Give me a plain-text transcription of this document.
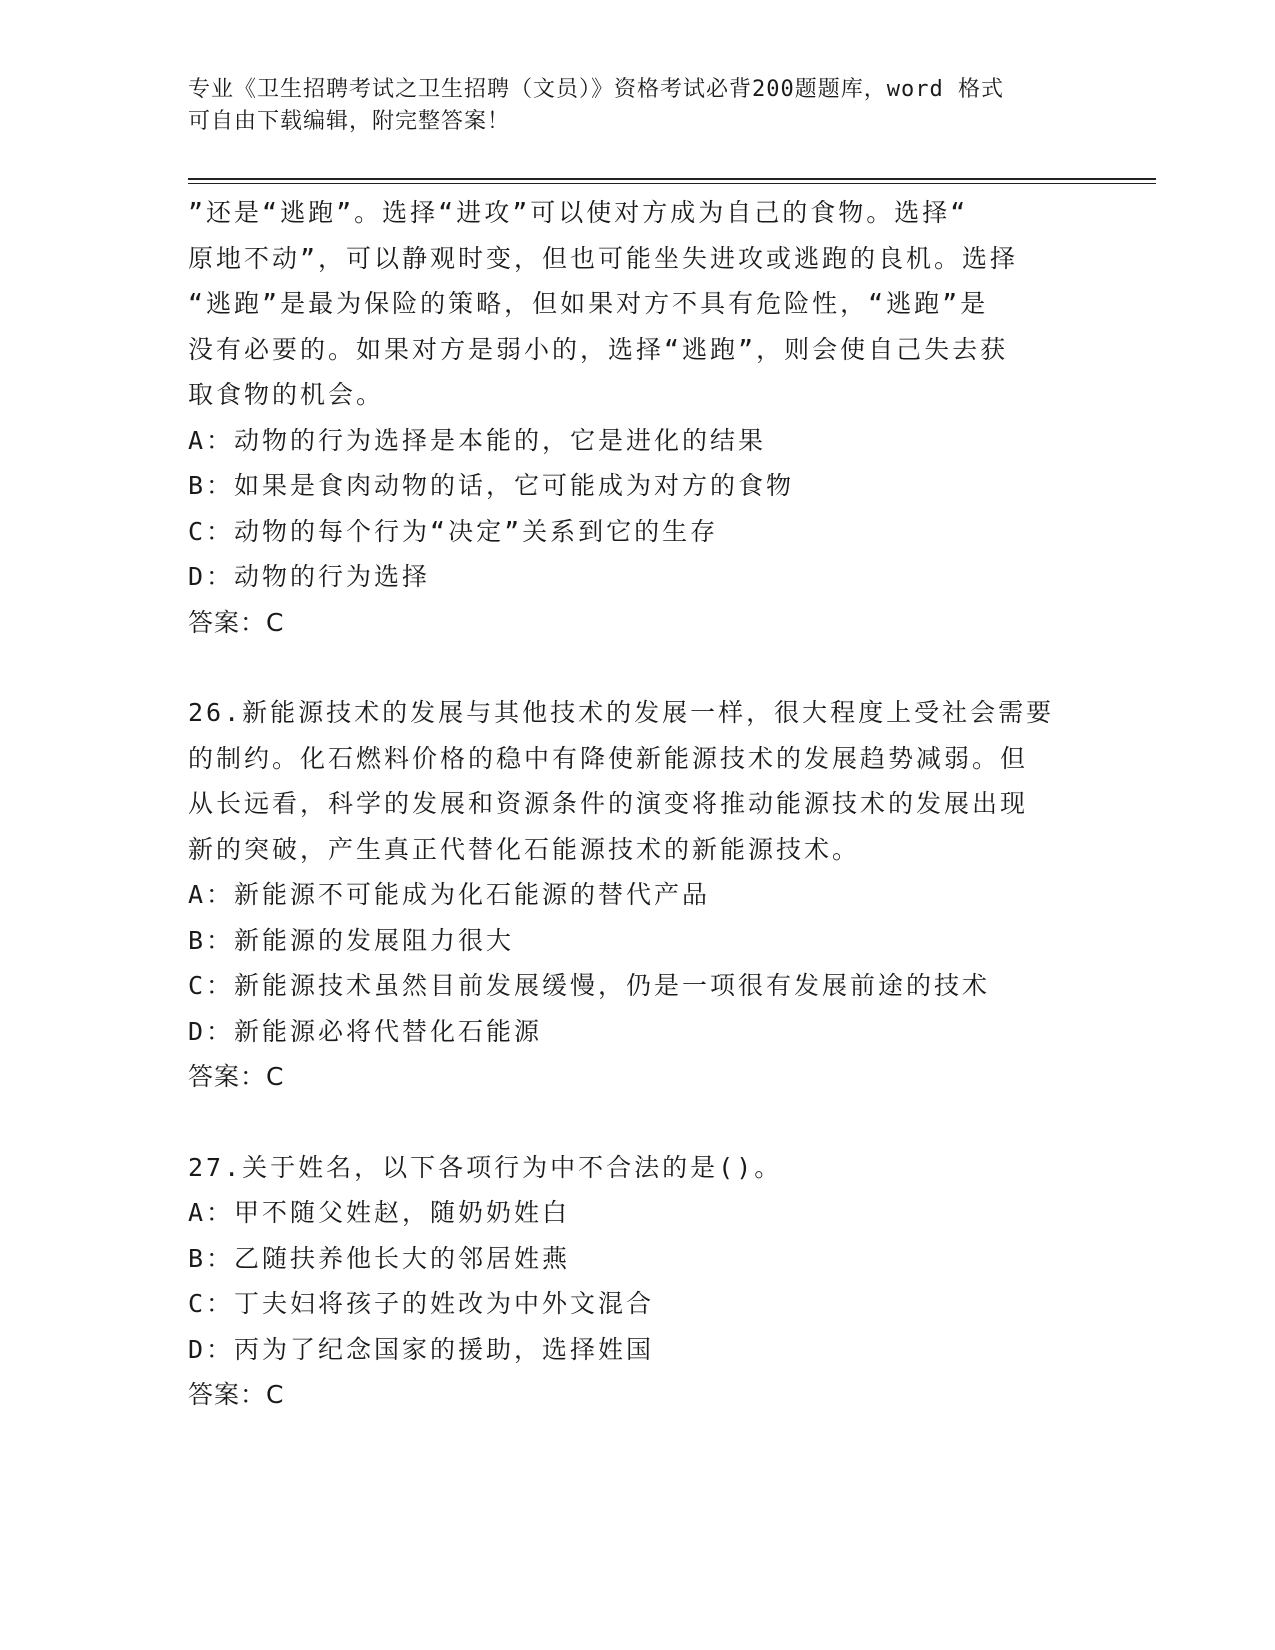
专业《卫生招聘考试之卫生招聘（文员）》资格考试必背200题题库，word 格式
可自由下载编辑，附完整答案！
”还是“逃跑”。选择“进攻”可以使对方成为自己的食物。选择“
原地不动”，可以静观时变，但也可能坐失进攻或逃跑的良机。选择
“逃跑”是最为保险的策略，但如果对方不具有危险性，“逃跑”是
没有必要的。如果对方是弱小的，选择“逃跑”，则会使自己失去获
取食物的机会。
A：动物的行为选择是本能的，它是进化的结果
B：如果是食肉动物的话，它可能成为对方的食物
C：动物的每个行为“决定”关系到它的生存
D：动物的行为选择
答案：C
26.新能源技术的发展与其他技术的发展一样，很大程度上受社会需要
的制约。化石燃料价格的稳中有降使新能源技术的发展趋势减弱。但
从长远看，科学的发展和资源条件的演变将推动能源技术的发展出现
新的突破，产生真正代替化石能源技术的新能源技术。
A：新能源不可能成为化石能源的替代产品
B：新能源的发展阻力很大
C：新能源技术虽然目前发展缓慢，仍是一项很有发展前途的技术
D：新能源必将代替化石能源
答案：C
27.关于姓名，以下各项行为中不合法的是()。
A：甲不随父姓赵，随奶奶姓白
B：乙随扶养他长大的邻居姓燕
C：丁夫妇将孩子的姓改为中外文混合
D：丙为了纪念国家的援助，选择姓国
答案：C
